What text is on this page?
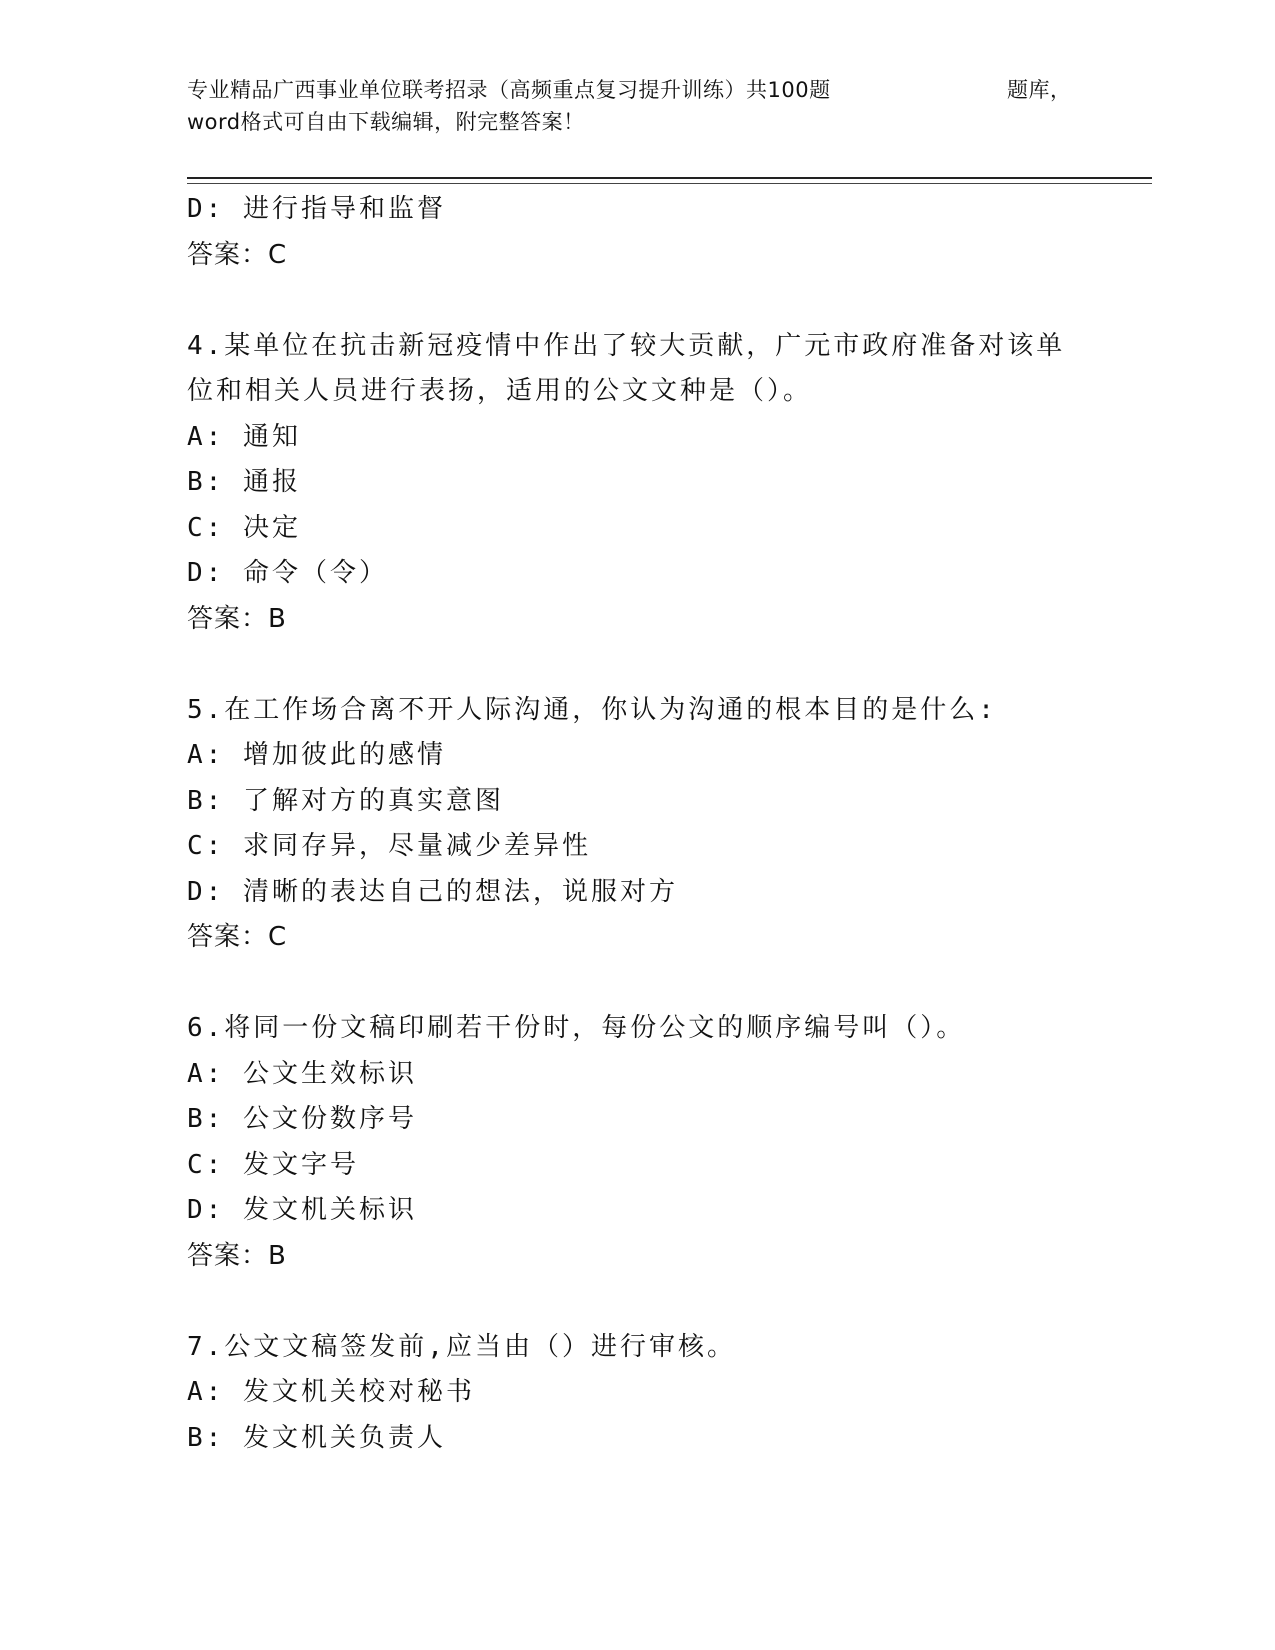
专业精品广西事业单位联考招录（高频重点复习提升训练）共100题	题库，
word格式可自由下载编辑，附完整答案！
D: 进行指导和监督
答案：C
4.某单位在抗击新冠疫情中作出了较大贡献，广元市政府准备对该单
位和相关人员进行表扬，适用的公文文种是（）。
A: 通知
B: 通报
C: 决定
D: 命令（令）
答案：B
5.在工作场合离不开人际沟通，你认为沟通的根本目的是什么:
A: 增加彼此的感情
B: 了解对方的真实意图
C: 求同存异，尽量减少差异性
D: 清晰的表达自己的想法，说服对方
答案：C
6.将同一份文稿印刷若干份时，每份公文的顺序编号叫（）。
A: 公文生效标识
B: 公文份数序号
C: 发文字号
D: 发文机关标识
答案：B
7.公文文稿签发前,应当由（）进行审核。
A: 发文机关校对秘书
B: 发文机关负责人
